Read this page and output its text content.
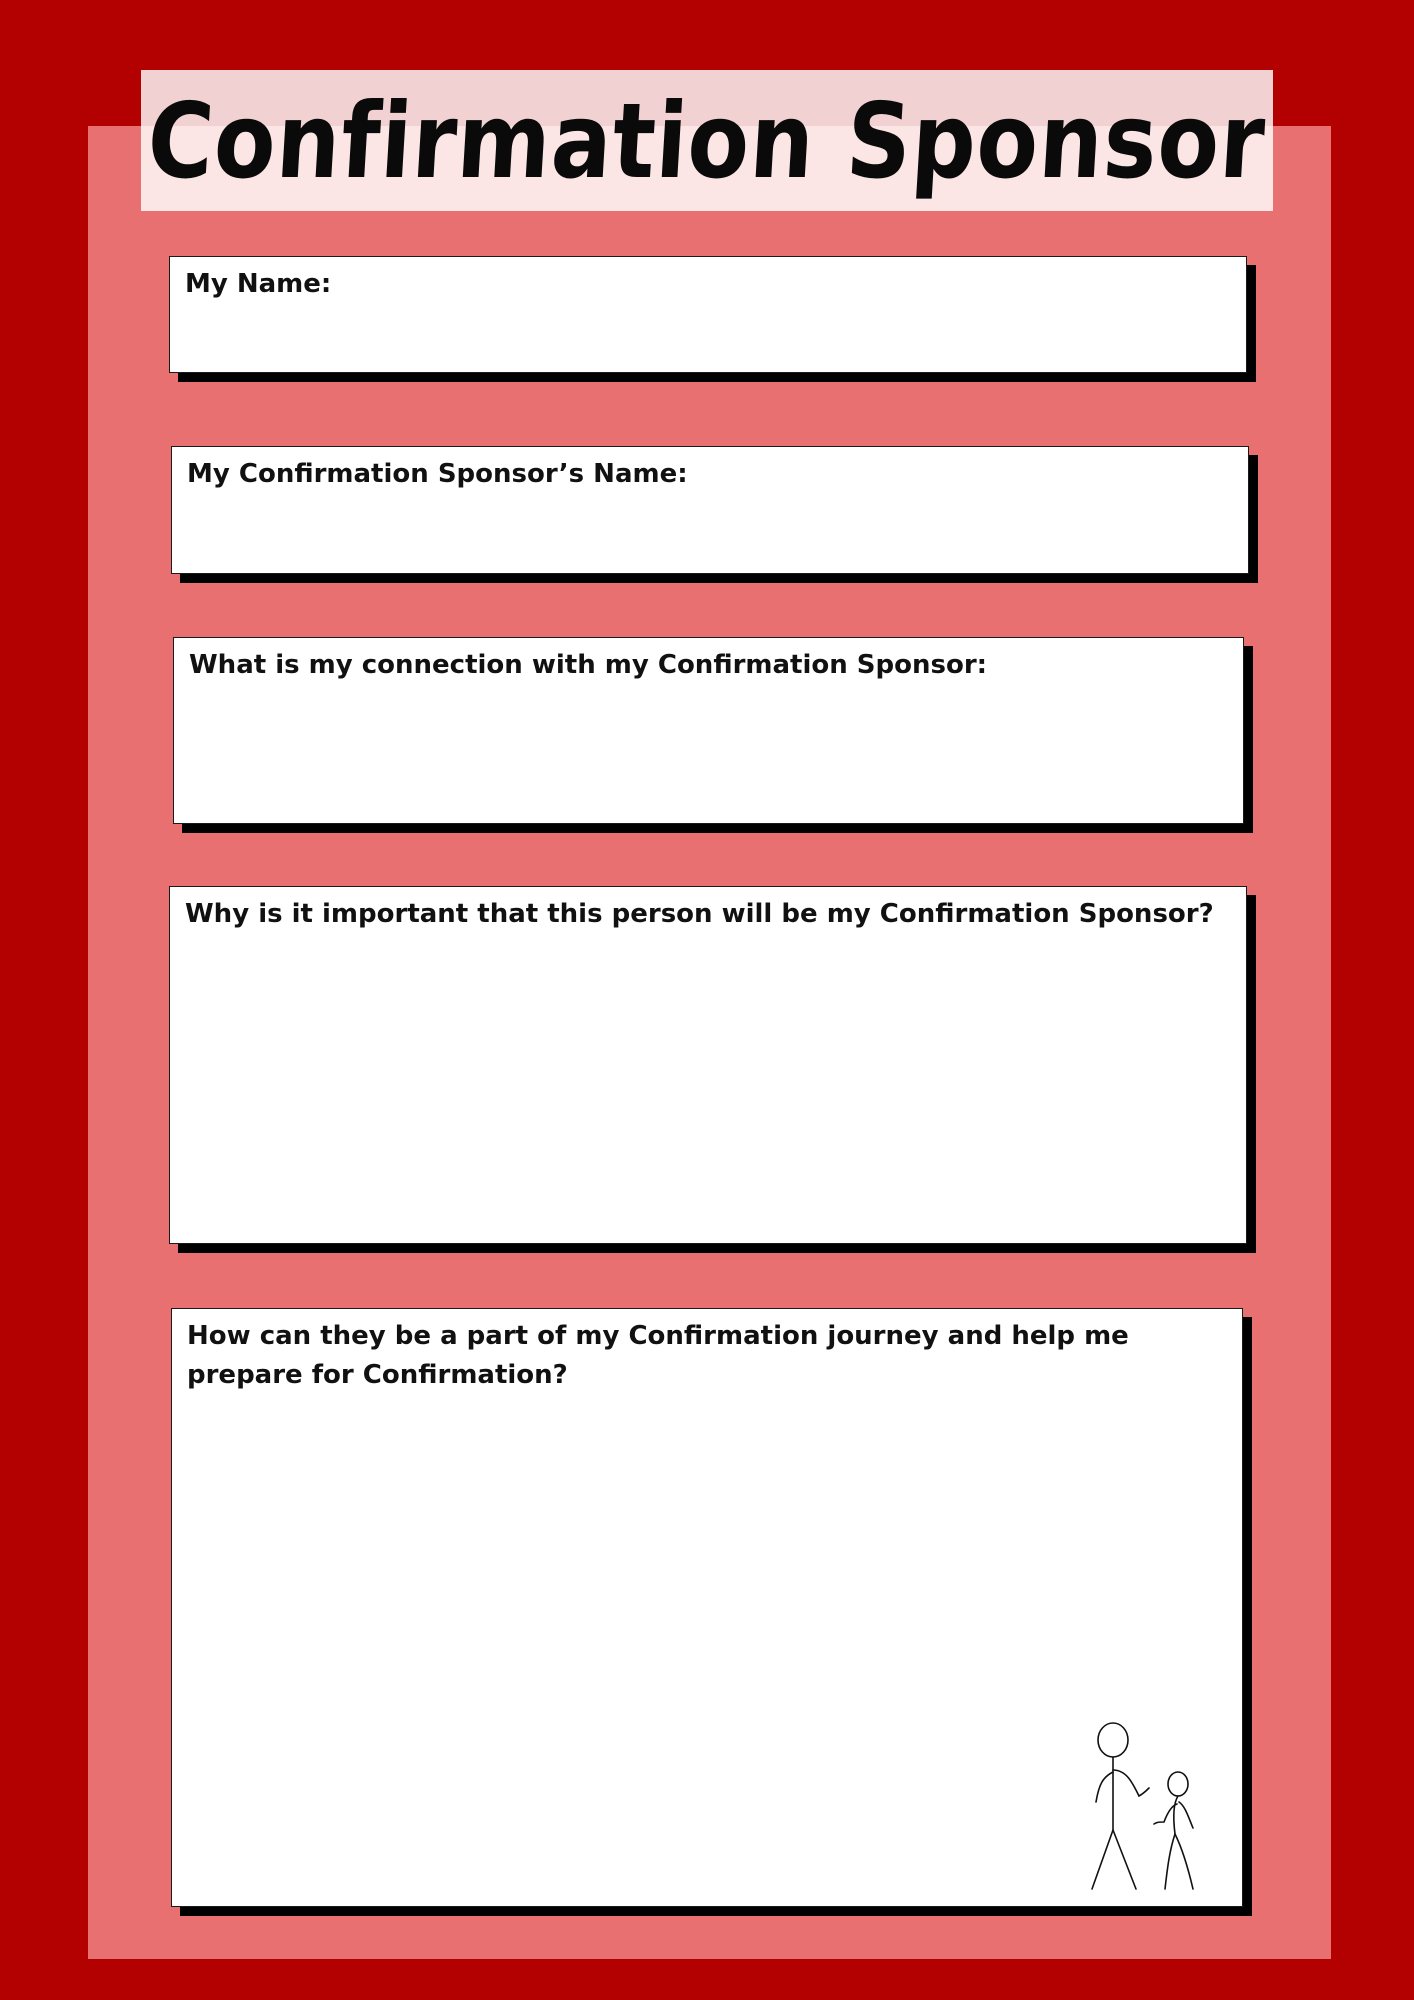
Confirmation Sponsor
My Name:
My Confirmation Sponsor’s Name:
What is my connection with my Confirmation Sponsor:
Why is it important that this person will be my Confirmation Sponsor?
How can they be a part of my Confirmation journey and help me prepare for Confirmation?
